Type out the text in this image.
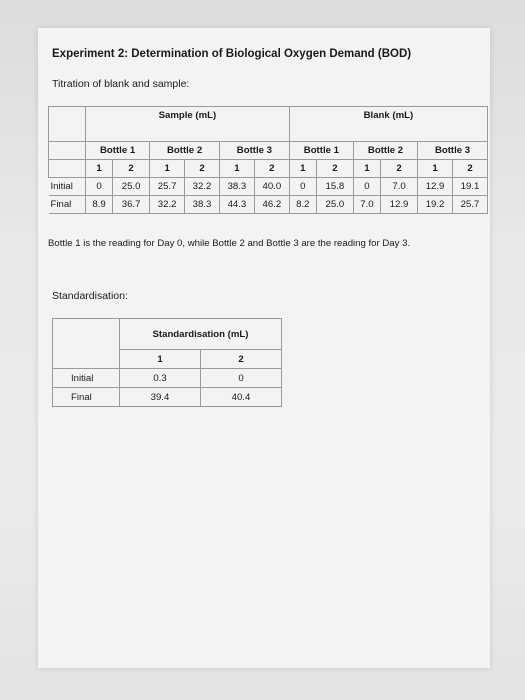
Experiment 2: Determination of Biological Oxygen Demand (BOD)
Titration of blank and sample:
	Sample (mL)						Blank (mL)					
	Bottle 1		Bottle 2		Bottle 3		Bottle 1		Bottle 2		Bottle 3	
	1	2	1	2	1	2	1	2	1	2	1	2
Initial	0	25.0	25.7	32.2	38.3	40.0	0	15.8	0	7.0	12.9	19.1
Final	8.9	36.7	32.2	38.3	44.3	46.2	8.2	25.0	7.0	12.9	19.2	25.7
Bottle 1 is the reading for Day 0, while Bottle 2 and Bottle 3 are the reading for Day 3.
Standardisation:
	Standardisation (mL)	
	1	2
Initial	0.3	0
Final	39.4	40.4
